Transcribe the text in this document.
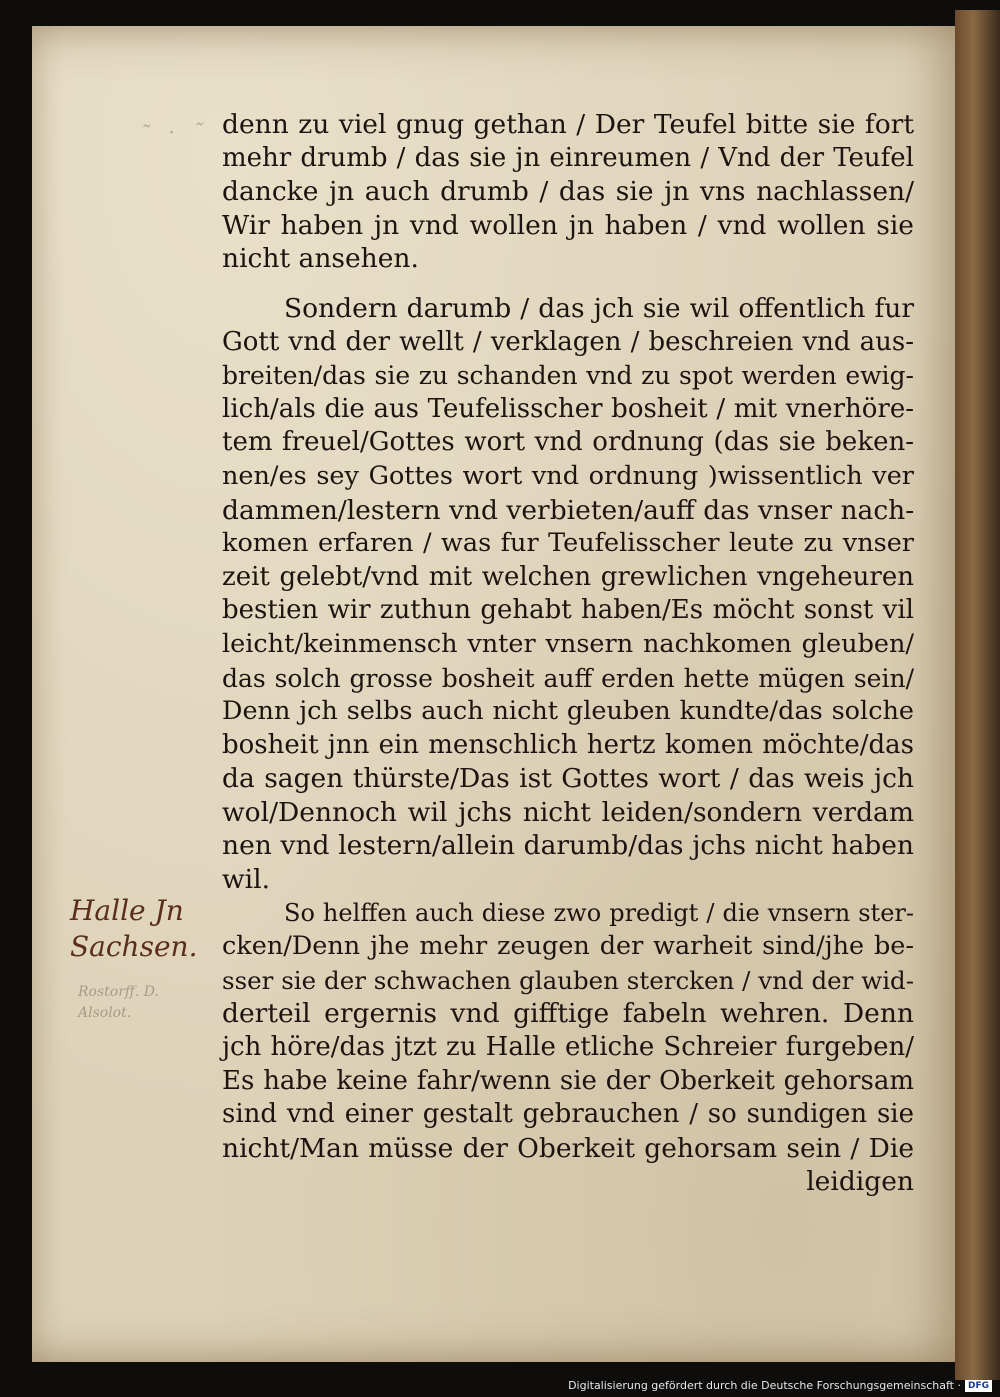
˜ · ˜
Halle Jn Sachsen.
Rostorff. D. Alsolot.
denn zu viel gnug gethan / Der Teufel bitte sie fort
mehr drumb / das sie jn einreumen / Vnd der Teufel
dancke jn auch drumb / das sie jn vns nachlassen/
Wir haben jn vnd wollen jn haben / vnd wollen sie
nicht ansehen.
Sondern darumb / das jch sie wil offentlich fur
Gott vnd der wellt / verklagen / beschreien vnd aus-
breiten/das sie zu schanden vnd zu spot werden ewig-
lich/als die aus Teufelisscher bosheit / mit vnerhöre-
tem freuel/Gottes wort vnd ordnung (das sie beken-
nen/es sey Gottes wort vnd ordnung )wissentlich ver
dammen/lestern vnd verbieten/auff das vnser nach-
komen erfaren / was fur Teufelisscher leute zu vnser
zeit gelebt/vnd mit welchen grewlichen vngeheuren
bestien wir zuthun gehabt haben/Es möcht sonst vil
leicht/keinmensch vnter vnsern nachkomen gleuben/
das solch grosse bosheit auff erden hette mügen sein/
Denn jch selbs auch nicht gleuben kundte/das solche
bosheit jnn ein menschlich hertz komen möchte/das
da sagen thürste/Das ist Gottes wort / das weis jch
wol/Dennoch wil jchs nicht leiden/sondern verdam
nen vnd lestern/allein darumb/das jchs nicht haben
wil.
So helffen auch diese zwo predigt / die vnsern ster-
cken/Denn jhe mehr zeugen der warheit sind/jhe be-
sser sie der schwachen glauben stercken / vnd der wid-
derteil ergernis vnd gifftige fabeln wehren. Denn
jch höre/das jtzt zu Halle etliche Schreier furgeben/
Es habe keine fahr/wenn sie der Oberkeit gehorsam
sind vnd einer gestalt gebrauchen / so sundigen sie
nicht/Man müsse der Oberkeit gehorsam sein / Die
leidigen
Digitalisierung gefördert durch die Deutsche Forschungsgemeinschaft · DFG
